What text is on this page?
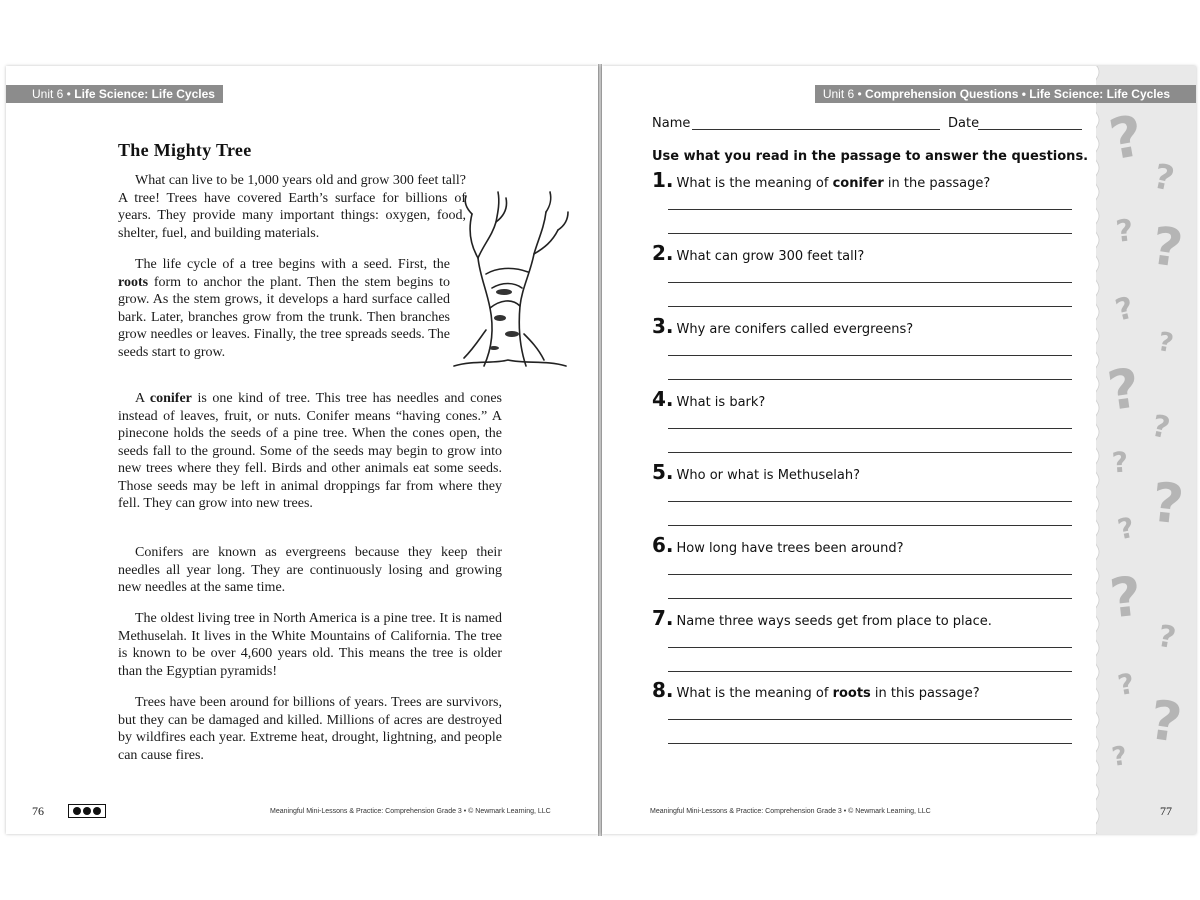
Unit 6 • Life Science: Life Cycles
The Mighty Tree

What can live to be 1,000 years old and grow 300 feet tall? A tree! Trees have covered Earth’s surface for billions of years. They provide many important things: oxygen, food, shelter, fuel, and building materials.

The life cycle of a tree begins with a seed. First, the roots form to anchor the plant. Then the stem begins to grow. As the stem grows, it develops a hard surface called bark. Later, branches grow from the trunk. Then branches grow needles or leaves. Finally, the tree spreads seeds. The seeds start to grow.

A conifer is one kind of tree. This tree has needles and cones instead of leaves, fruit, or nuts. Conifer means “having cones.” A pinecone holds the seeds of a pine tree. When the cones open, the seeds fall to the ground. Some of the seeds may begin to grow into new trees where they fell. Birds and other animals eat some seeds. Those seeds may be left in animal droppings far from where they fell. They can grow into new trees.

Conifers are known as evergreens because they keep their needles all year long. They are continuously losing and growing new needles at the same time.

The oldest living tree in North America is a pine tree. It is named Methuselah. It lives in the White Mountains of California. The tree is known to be over 4,600 years old. This means the tree is older than the Egyptian pyramids!

Trees have been around for billions of years. Trees are survivors, but they can be damaged and killed. Millions of acres are destroyed by wildfires each year. Extreme heat, drought, lightning, and people can cause fires.

76	Meaningful Mini-Lessons & Practice: Comprehension Grade 3 • © Newmark Learning, LLC
?
?
? ?
?
?
?
?
?
?
?
?
?
?
?
?
Unit 6 • Comprehension Questions • Life Science: Life Cycles
Name	Date
Use what you read in the passage to answer the questions.
1. What is the meaning of conifer in the passage?
2. What can grow 300 feet tall?
3. Why are conifers called evergreens?
4. What is bark?
5. Who or what is Methuselah?
6. How long have trees been around?
7. Name three ways seeds get from place to place.
8. What is the meaning of roots in this passage?
Meaningful Mini-Lessons & Practice: Comprehension Grade 3 • © Newmark Learning, LLC	77
